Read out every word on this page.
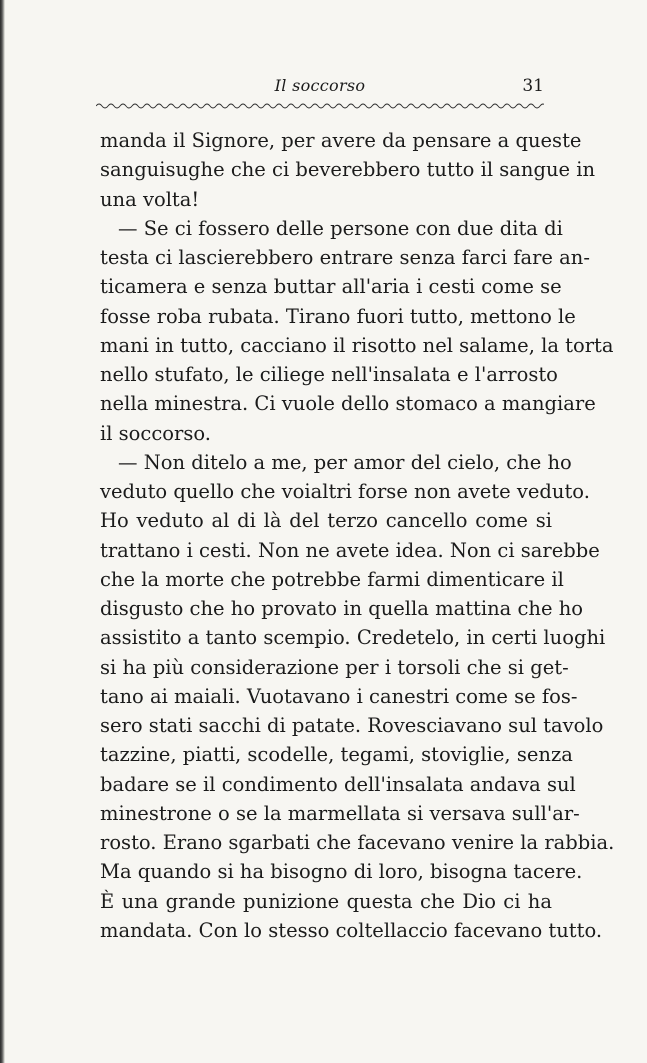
Il soccorso	31
manda il Signore, per avere da pensare a queste
sanguisughe che ci beverebbero tutto il sangue in
una volta!
— Se ci fossero delle persone con due dita di
testa ci lascierebbero entrare senza farci fare an-
ticamera e senza buttar all'aria i cesti come se
fosse roba rubata. Tirano fuori tutto, mettono le
mani in tutto, cacciano il risotto nel salame, la torta
nello stufato, le ciliege nell'insalata e l'arrosto
nella minestra. Ci vuole dello stomaco a mangiare
il soccorso.
— Non ditelo a me, per amor del cielo, che ho
veduto quello che voialtri forse non avete veduto.
Ho veduto al di là del terzo cancello come si
trattano i cesti. Non ne avete idea. Non ci sarebbe
che la morte che potrebbe farmi dimenticare il
disgusto che ho provato in quella mattina che ho
assistito a tanto scempio. Credetelo, in certi luoghi
si ha più considerazione per i torsoli che si get-
tano ai maiali. Vuotavano i canestri come se fos-
sero stati sacchi di patate. Rovesciavano sul tavolo
tazzine, piatti, scodelle, tegami, stoviglie, senza
badare se il condimento dell'insalata andava sul
minestrone o se la marmellata si versava sull'ar-
rosto. Erano sgarbati che facevano venire la rabbia.
Ma quando si ha bisogno di loro, bisogna tacere.
È una grande punizione questa che Dio ci ha
mandata. Con lo stesso coltellaccio facevano tutto.
